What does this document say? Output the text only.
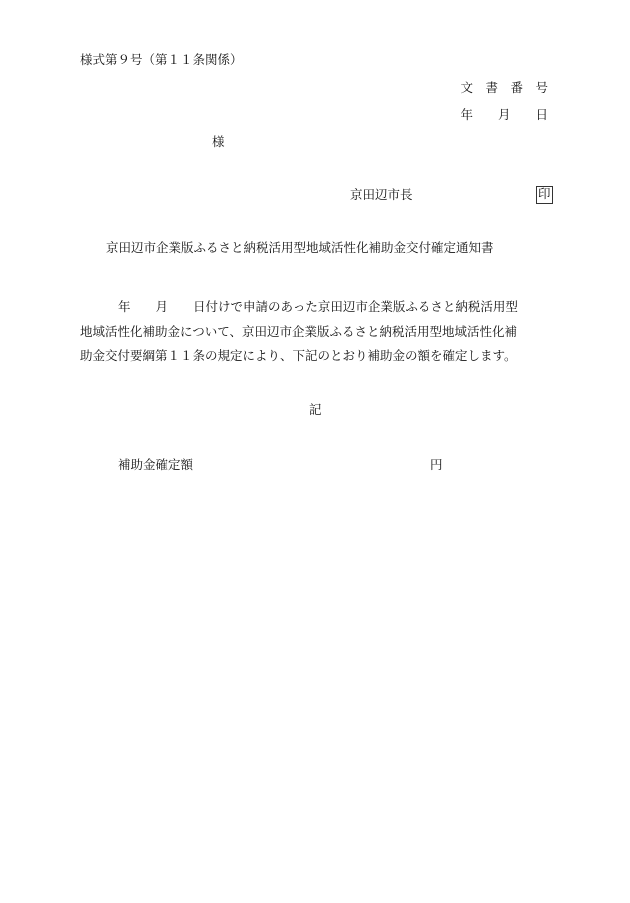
様式第９号（第１１条関係）
文　書　番　号
年　　月　　日
様
京田辺市長	印
京田辺市企業版ふるさと納税活用型地域活性化補助金交付確定通知書
年　　月　　日付けで申請のあった京田辺市企業版ふるさと納税活用型
地域活性化補助金について、京田辺市企業版ふるさと納税活用型地域活性化補
助金交付要綱第１１条の規定により、下記のとおり補助金の額を確定します。
記
補助金確定額	円
